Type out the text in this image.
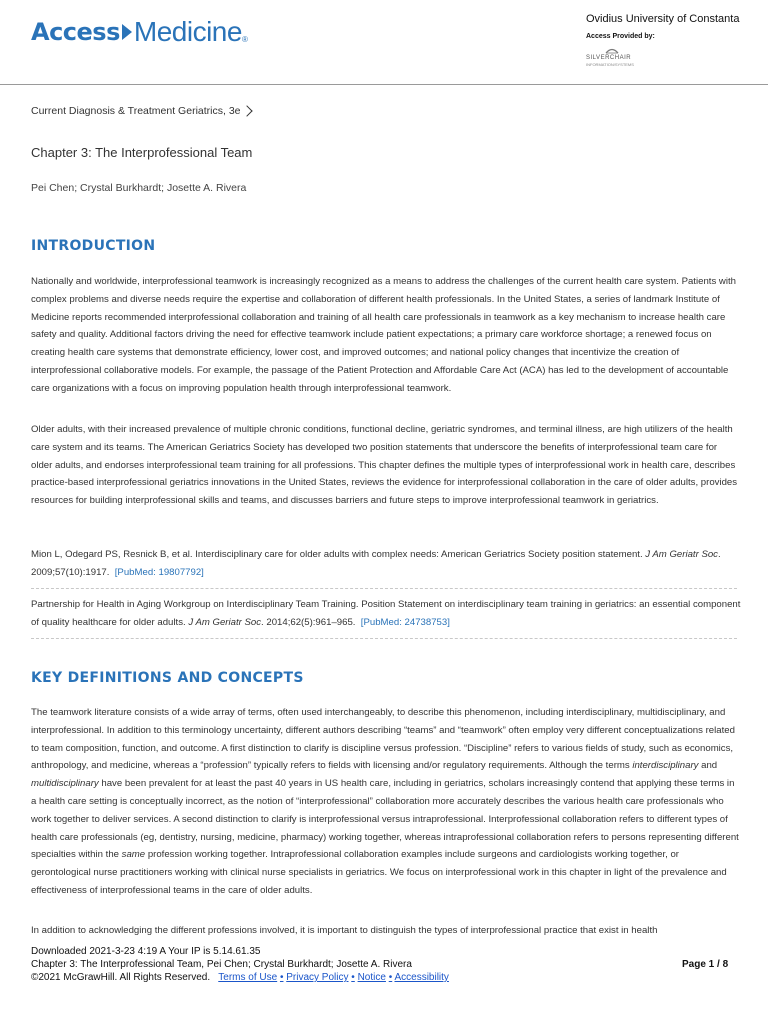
Access Medicine ®
Ovidius University of Constanta
Access Provided by:
SILVERCHAIR
INFORMATION/SYSTEMS
Current Diagnosis & Treatment Geriatrics, 3e
Chapter 3: The Interprofessional Team
Pei Chen; Crystal Burkhardt; Josette A. Rivera
INTRODUCTION

Nationally and worldwide, interprofessional teamwork is increasingly recognized as a means to address the challenges of the current health care system. Patients with complex problems and diverse needs require the expertise and collaboration of different health professionals. In the United States, a series of landmark Institute of Medicine reports recommended interprofessional collaboration and training of all health care professionals in teamwork as a key mechanism to increase health care safety and quality. Additional factors driving the need for effective teamwork include patient expectations; a primary care workforce shortage; a renewed focus on creating health care systems that demonstrate efficiency, lower cost, and improved outcomes; and national policy changes that incentivize the creation of interprofessional collaborative models. For example, the passage of the Patient Protection and Affordable Care Act (ACA) has led to the development of accountable care organizations with a focus on improving population health through interprofessional teamwork.

Older adults, with their increased prevalence of multiple chronic conditions, functional decline, geriatric syndromes, and terminal illness, are high utilizers of the health care system and its teams. The American Geriatrics Society has developed two position statements that underscore the benefits of interprofessional team care for older adults, and endorses interprofessional team training for all professions. This chapter defines the multiple types of interprofessional work in health care, describes practice-based interprofessional geriatrics innovations in the United States, reviews the evidence for interprofessional collaboration in the care of older adults, provides resources for building interprofessional skills and teams, and discusses barriers and future steps to improve interprofessional teamwork in geriatrics.

Mion L, Odegard PS, Resnick B, et al. Interdisciplinary care for older adults with complex needs: American Geriatrics Society position statement. J Am Geriatr Soc. 2009;57(10):1917. [PubMed: 19807792]

Partnership for Health in Aging Workgroup on Interdisciplinary Team Training. Position Statement on interdisciplinary team training in geriatrics: an essential component of quality healthcare for older adults. J Am Geriatr Soc. 2014;62(5):961–965. [PubMed: 24738753]

KEY DEFINITIONS AND CONCEPTS

The teamwork literature consists of a wide array of terms, often used interchangeably, to describe this phenomenon, including interdisciplinary, multidisciplinary, and interprofessional. In addition to this terminology uncertainty, different authors describing “teams” and “teamwork” often employ very different conceptualizations related to team composition, function, and outcome. A first distinction to clarify is discipline versus profession. “Discipline” refers to various fields of study, such as economics, anthropology, and medicine, whereas a “profession” typically refers to fields with licensing and/or regulatory requirements. Although the terms interdisciplinary and multidisciplinary have been prevalent for at least the past 40 years in US health care, including in geriatrics, scholars increasingly contend that applying these terms in a health care setting is conceptually incorrect, as the notion of “interprofessional” collaboration more accurately describes the various health care professionals who work together to deliver services. A second distinction to clarify is interprofessional versus intraprofessional. Interprofessional collaboration refers to different types of health care professionals (eg, dentistry, nursing, medicine, pharmacy) working together, whereas intraprofessional collaboration refers to persons representing different specialties within the same profession working together. Intraprofessional collaboration examples include surgeons and cardiologists working together, or gerontological nurse practitioners working with clinical nurse specialists in geriatrics. We focus on interprofessional work in this chapter in light of the prevalence and effectiveness of interprofessional teams in the care of older adults.

In addition to acknowledging the different professions involved, it is important to distinguish the types of interprofessional practice that exist in health

Downloaded 2021-3-23 4:19 A Your IP is 5.14.61.35
Chapter 3: The Interprofessional Team, Pei Chen; Crystal Burkhardt; Josette A. Rivera
©2021 McGrawHill. All Rights Reserved. Terms of Use • Privacy Policy • Notice • Accessibility
Page 1 / 8
